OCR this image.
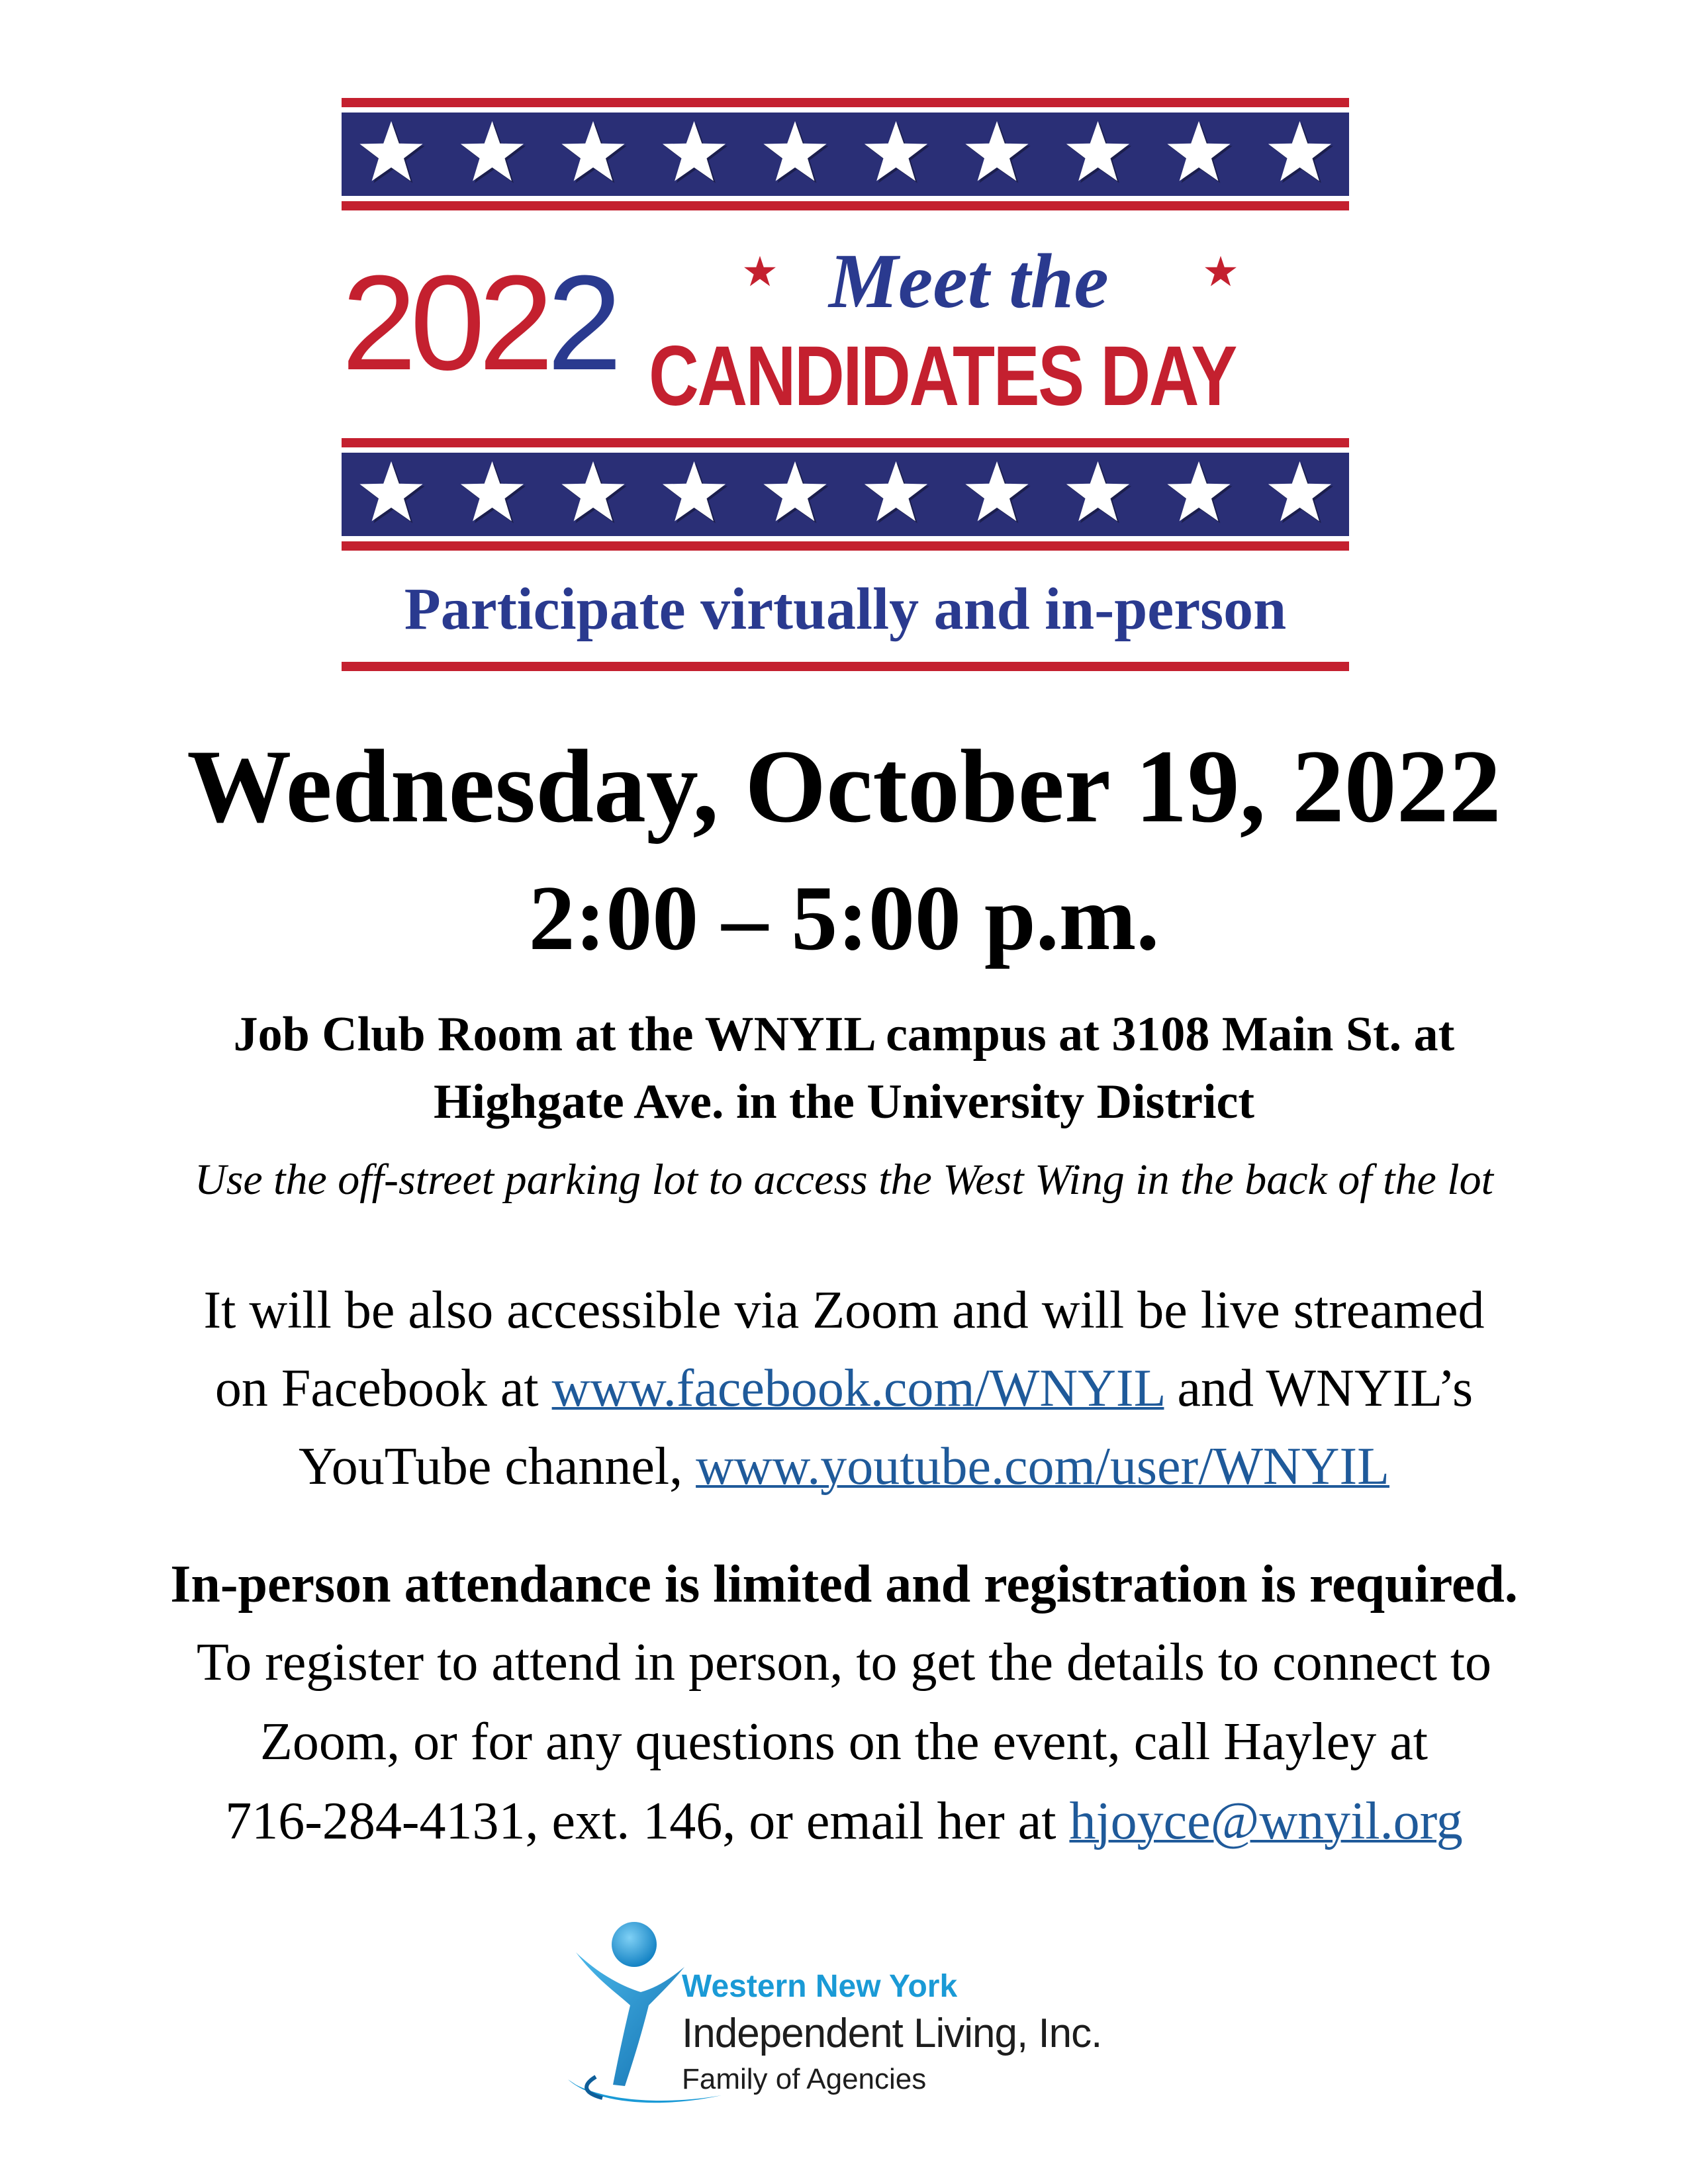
2022	Meet the
CANDIDATES DAY
Participate virtually and in-person
Wednesday, October 19, 2022
2:00 – 5:00 p.m.
Job Club Room at the WNYIL campus at 3108 Main St. at
Highgate Ave. in the University District
Use the off-street parking lot to access the West Wing in the back of the lot
It will be also accessible via Zoom and will be live streamed
on Facebook at www.facebook.com/WNYIL and WNYIL’s
YouTube channel, www.youtube.com/user/WNYIL
In-person attendance is limited and registration is required.
To register to attend in person, to get the details to connect to
Zoom, or for any questions on the event, call Hayley at
716-284-4131, ext. 146, or email her at hjoyce@wnyil.org
Western New York
Independent Living, Inc.
Family of Agencies
